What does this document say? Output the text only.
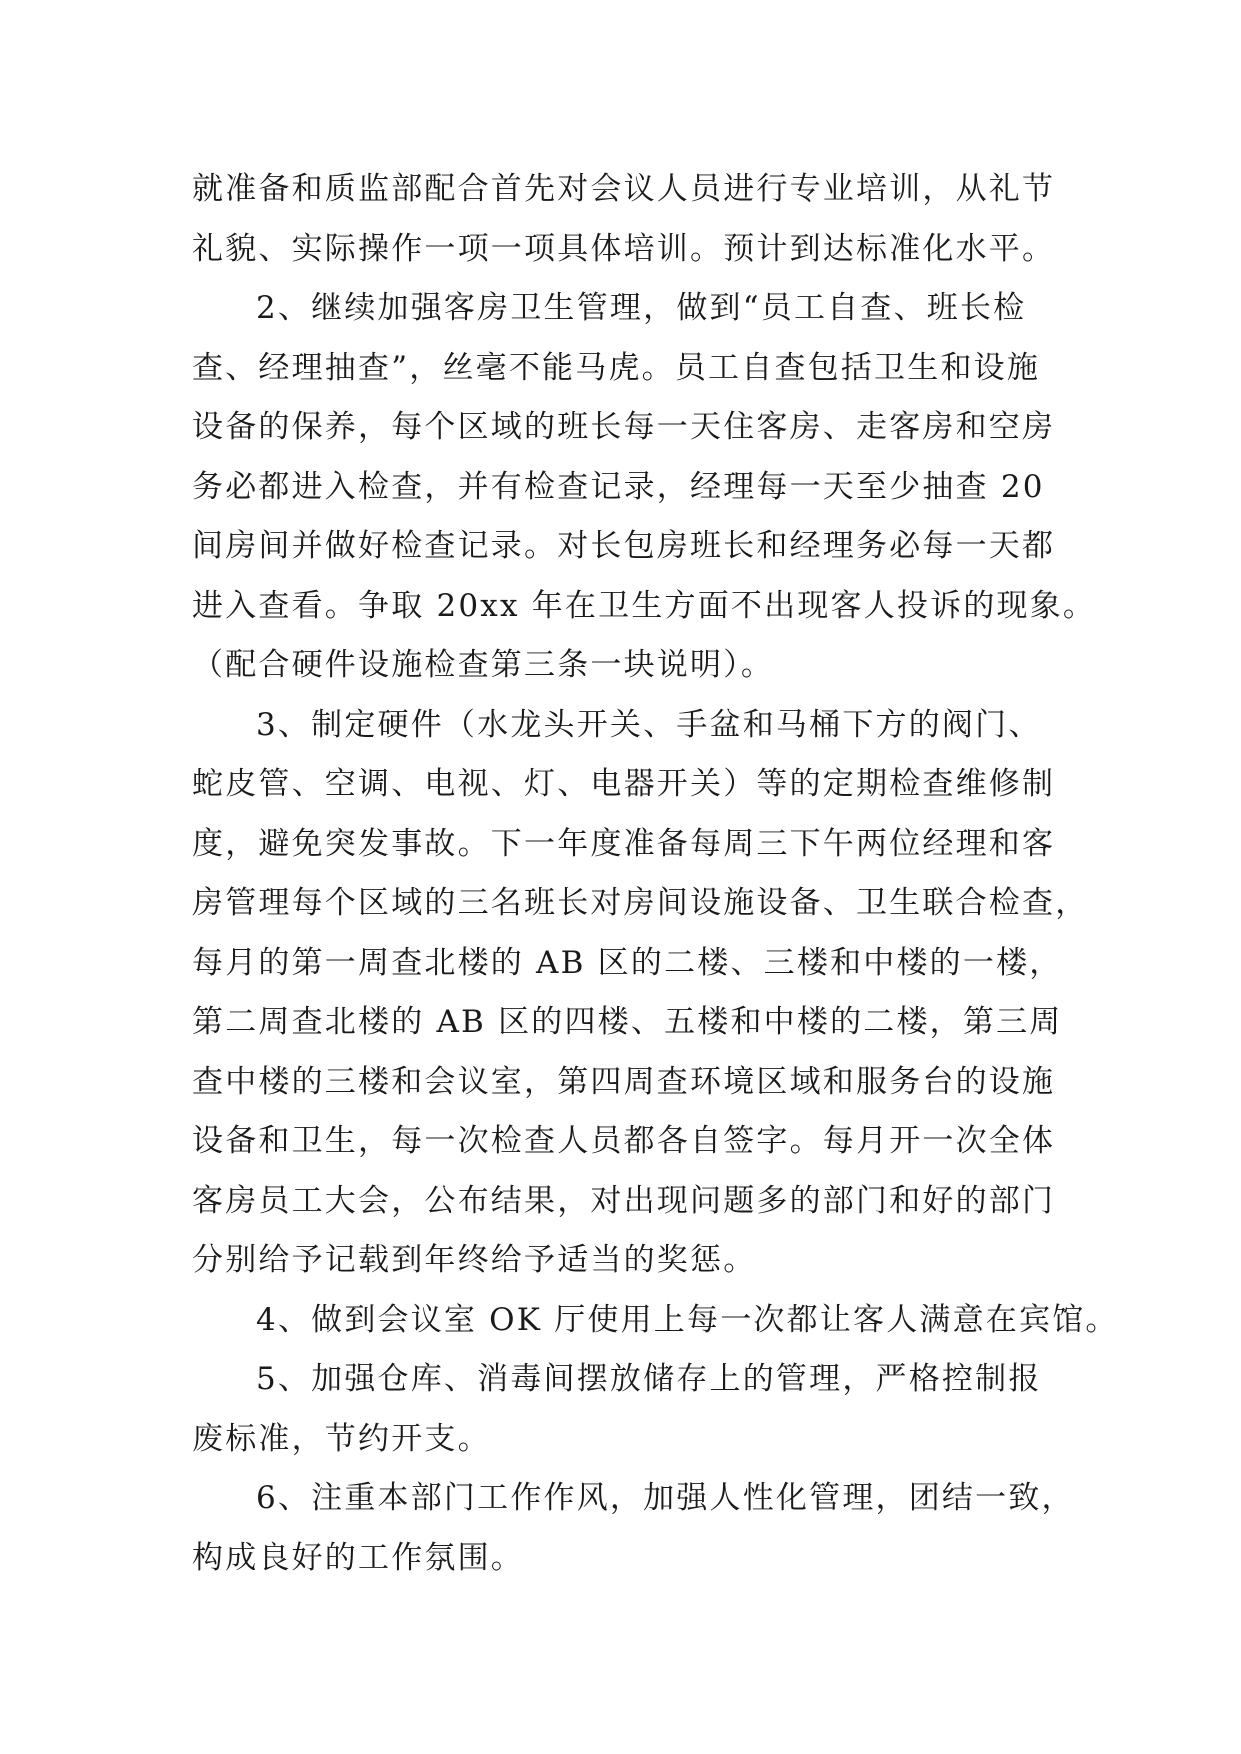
就准备和质监部配合首先对会议人员进行专业培训，从礼节
礼貌、实际操作一项一项具体培训。预计到达标准化水平。
2、继续加强客房卫生管理，做到“员工自查、班长检
查、经理抽查”，丝毫不能马虎。员工自查包括卫生和设施
设备的保养，每个区域的班长每一天住客房、走客房和空房
务必都进入检查，并有检查记录，经理每一天至少抽查 20
间房间并做好检查记录。对长包房班长和经理务必每一天都
进入查看。争取 20xx 年在卫生方面不出现客人投诉的现象。
（配合硬件设施检查第三条一块说明）。
3、制定硬件（水龙头开关、手盆和马桶下方的阀门、
蛇皮管、空调、电视、灯、电器开关）等的定期检查维修制
度，避免突发事故。下一年度准备每周三下午两位经理和客
房管理每个区域的三名班长对房间设施设备、卫生联合检查，
每月的第一周查北楼的 AB 区的二楼、三楼和中楼的一楼，
第二周查北楼的 AB 区的四楼、五楼和中楼的二楼，第三周
查中楼的三楼和会议室，第四周查环境区域和服务台的设施
设备和卫生，每一次检查人员都各自签字。每月开一次全体
客房员工大会，公布结果，对出现问题多的部门和好的部门
分别给予记载到年终给予适当的奖惩。
4、做到会议室 OK 厅使用上每一次都让客人满意在宾馆。
5、加强仓库、消毒间摆放储存上的管理，严格控制报
废标准，节约开支。
6、注重本部门工作作风，加强人性化管理，团结一致，
构成良好的工作氛围。
